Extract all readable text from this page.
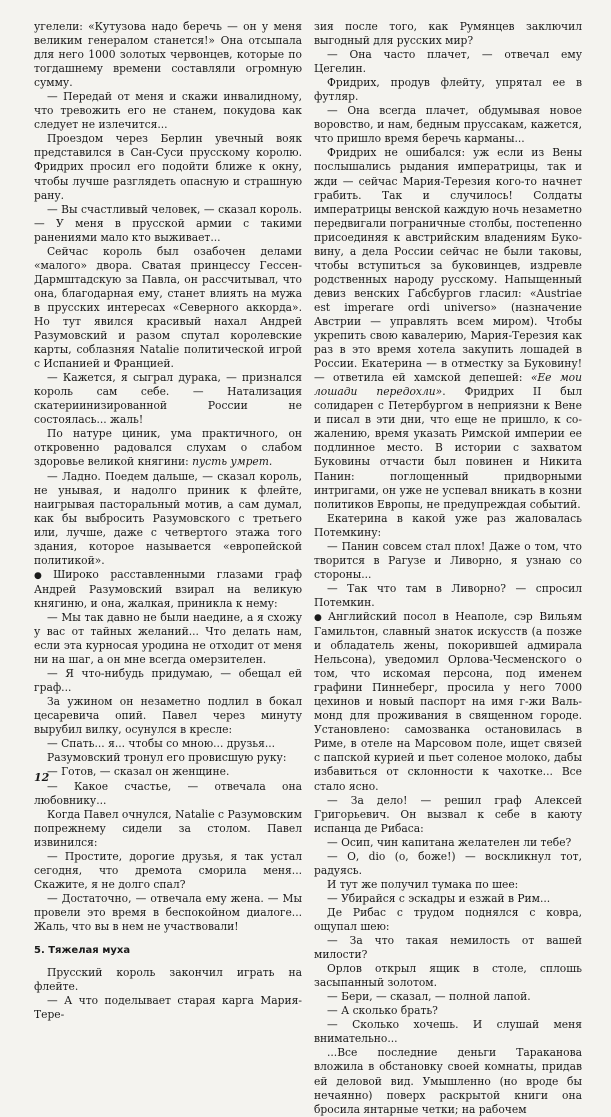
угелели: «Кутузова надо беречь — он у меня великим генералом станется!» Она отсыпала для него 1000 золотых червонцев, которые по тогдашнему времени составляли огромную сумму.

— Передай от меня и скажи инвалидному, что тревожить его не станем, покудова как следует не излечится...

Проездом через Берлин увечный вояк представился в Сан-Суси прусскому королю. Фридрих просил его подойти ближе к окну, чтобы лучше разглядеть опасную и страшную рану.

— Вы счастливый человек, — сказал король. — У меня в прусской армии с такими ранениями мало кто выживает...

Сейчас король был озабочен делами «малого» двора. Сватая принцессу Гессен-Дармштадскую за Павла, он рассчитывал, что она, благодарная ему, станет влиять на мужа в прусских интересах «Северного аккорда». Но тут явился красивый нахал Андрей Разумовский и разом спутал королевские карты, соблазняя Natalie политической игрой с Испанией и Францией.

— Кажется, я сыграл дурака, — признался король сам себе. — Натализация скатериинизированной России не состоялась... жаль!

По натуре циник, ума практичного, он откровенно радовался слухам о слабом здоровье великой княгини: пусть умрет.

— Ладно. Поедем дальше, — сказал король, не унывая, и надолго приник к флейте, наигрывая пасторальный мотив, а сам думал, как бы выбросить Разумовского с третьего или, лучше, даже с четвертого этажа того здания, которое называется «европейской политикой».

● Широко расставленными глазами граф Андрей Разумовский взирал на великую княгиню, и она, жалкая, приникла к нему:

— Мы так давно не были наедине, а я схожу у вас от тайных желаний... Что делать нам, если эта курносая уродина не отходит от меня ни на шаг, а он мне всегда омерзителен.

— Я что-нибудь придумаю, — обещал ей граф...

За ужином он незаметно подлил в бокал цесаревича опий. Павел через минуту вырубил вилку, осунулся в кресле:

— Спать... я... чтобы со мною... друзья...

Разумовский тронул его провисшую руку:

— Готов, — сказал он женщине.

— Какое счастье, — отвечала она любовнику...

Когда Павел очнулся, Natalie с Разумовским попрежнему сидели за столом. Павел извинился:

— Простите, дорогие друзья, я так устал сегодня, что дремота сморила меня... Скажите, я не долго спал?

— Достаточно, — отвечала ему жена. — Мы провели это время в беспокойном диалоге... Жаль, что вы в нем не участвовали!

5. Тяжелая муха

Прусский король закончил играть на флейте.

— А что поделывает старая карга Мария-Тере-

зия после того, как Румянцев заключил выгодный для русских мир?

— Она часто плачет, — отвечал ему Цегелин.

Фридрих, продув флейту, упрятал ее в футляр.

— Она всегда плачет, обдумывая новое воровство, и нам, бедным пруссакам, кажется, что пришло время беречь карманы...

Фридрих не ошибался: уж если из Вены послышались рыдания императрицы, так и жди — сейчас Мария-Терезия кого-то начнет грабить. Так и случилось! Солдаты императрицы венской каждую ночь незаметно передвигали пограничные столбы, постепенно присоединяя к австрийским владениям Буковину, а дела России сейчас не были таковы, чтобы вступиться за буковинцев, издревле родственных народу русскому. Напыщенный девиз венских Габсбургов гласил: «Austriae est imperare ordi universo» (назначение Австрии — управлять всем миром). Чтобы укрепить свою кавалерию, Мария-Терезия как раз в это время хотела закупить лошадей в России. Екатерина — в отместку за Буковину! — ответила ей хамской депешей: «Ее мои лошади передохли». Фридрих II был солидарен с Петербургом в неприязни к Вене и писал в эти дни, что еще не пришло, к сожалению, время указать Римской империи ее подлинное место. В истории с захватом Буковины отчасти был повинен и Никита Панин: поглощенный придворными интригами, он уже не успевал вникать в козни политиков Европы, не предупреждая событий.

Екатерина в какой уже раз жаловалась Потемкину:

— Панин совсем стал плох! Даже о том, что творится в Рагузе и Ливорно, я узнаю со стороны...

— Так что там в Ливорно? — спросил Потемкин.

● Английский посол в Неаполе, сэр Вильям Гамильтон, славный знаток искусств (а позже и обладатель жены, покорившей адмирала Нельсона), уведомил Орлова-Чесменского о том, что искомая персона, под именем графини Пиннеберг, просила у него 7000 цехинов и новый паспорт на имя г-жи Вальмонд для проживания в священном городе. Установлено: самозванка остановилась в Риме, в отеле на Марсовом поле, ищет связей с папской курией и пьет соленое молоко, дабы избавиться от склонности к чахотке... Все стало ясно.

— За дело! — решил граф Алексей Григорьевич. Он вызвал к себе в каюту испанца де Рибаса:

— Осип, чин капитана желателен ли тебе?

— О, dio (о, боже!) — воскликнул тот, радуясь.

И тут же получил тумака по шее:

— Убирайся с эскадры и езжай в Рим...

Де Рибас с трудом поднялся с ковра, ощупал шею:

— За что такая немилость от вашей милости?

Орлов открыл ящик в столе, сплошь засыпанный золотом.

— Бери, — сказал, — полной лапой.

— А сколько брать?

— Сколько хочешь. И слушай меня внимательно...

...Все последние деньги Тараканова вложила в обстановку своей комнаты, придав ей деловой вид. Умышленно (но вроде бы нечаянно) поверх раскрытой книги она бросила янтарные четки; на рабочем

12
